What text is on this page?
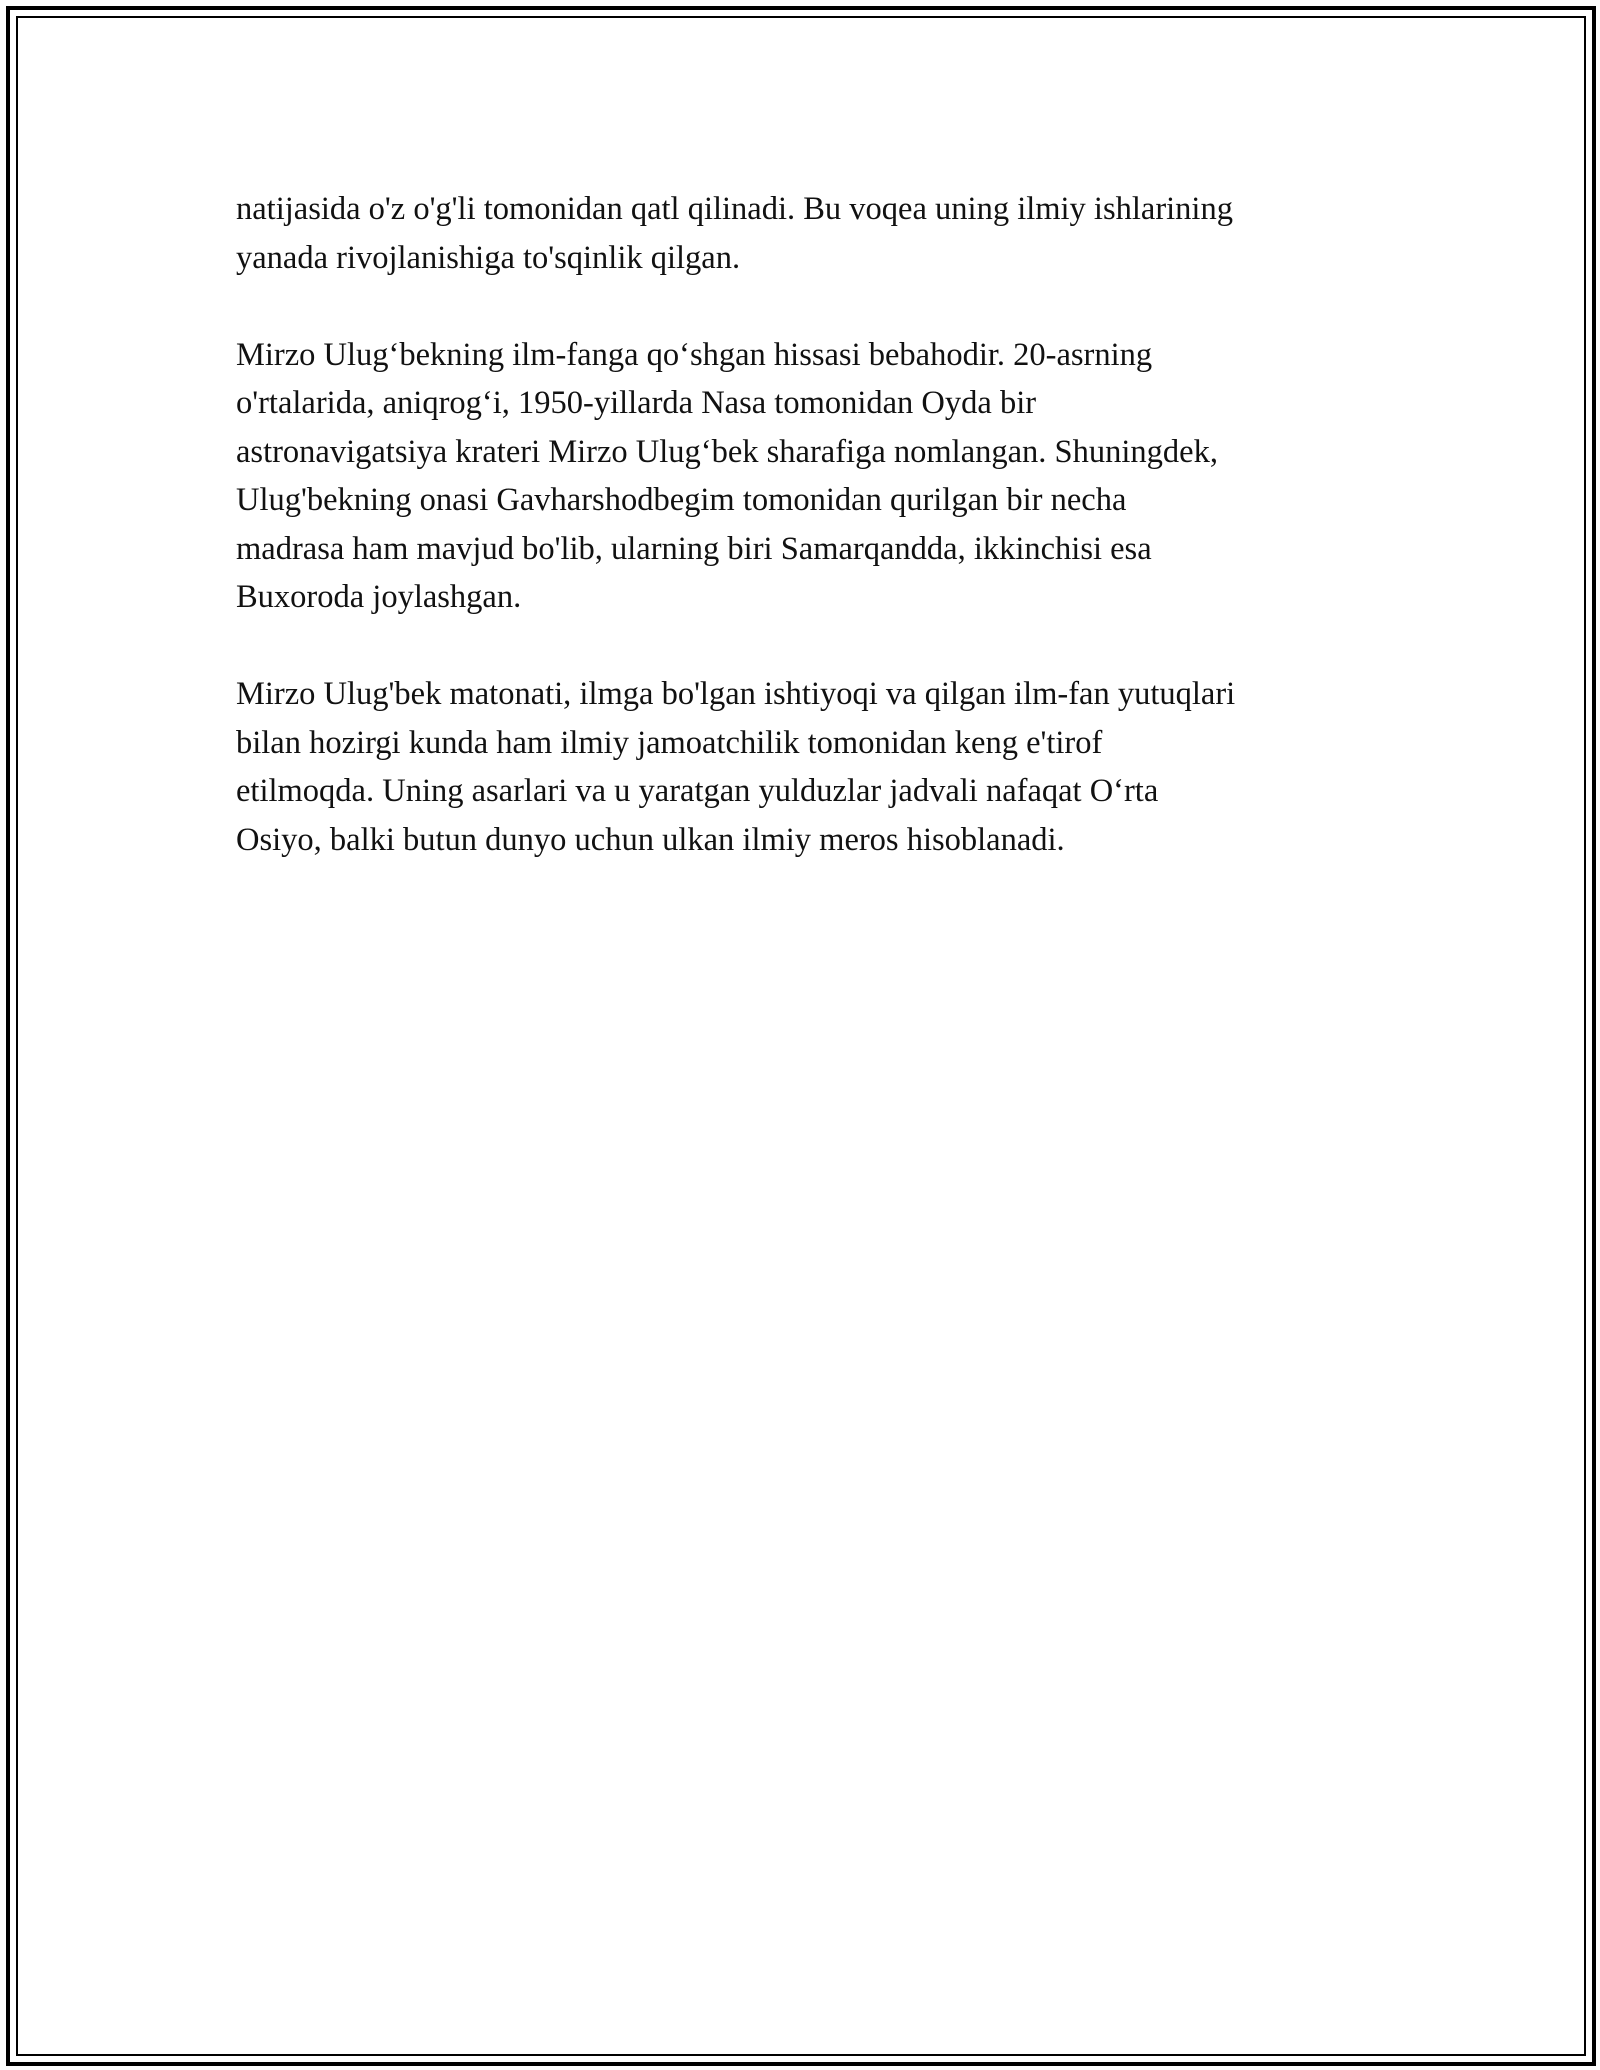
natijasida o'z o'g'li tomonidan qatl qilinadi. Bu voqea uning ilmiy ishlarining
yanada rivojlanishiga to'sqinlik qilgan.

Mirzo Ulug‘bekning ilm-fanga qo‘shgan hissasi bebahodir. 20-asrning
o'rtalarida, aniqrog‘i, 1950-yillarda Nasa tomonidan Oyda bir
astronavigatsiya krateri Mirzo Ulug‘bek sharafiga nomlangan. Shuningdek,
Ulug'bekning onasi Gavharshodbegim tomonidan qurilgan bir necha
madrasa ham mavjud bo'lib, ularning biri Samarqandda, ikkinchisi esa
Buxoroda joylashgan.

Mirzo Ulug'bek matonati, ilmga bo'lgan ishtiyoqi va qilgan ilm-fan yutuqlari
bilan hozirgi kunda ham ilmiy jamoatchilik tomonidan keng e'tirof
etilmoqda. Uning asarlari va u yaratgan yulduzlar jadvali nafaqat O‘rta
Osiyo, balki butun dunyo uchun ulkan ilmiy meros hisoblanadi.
